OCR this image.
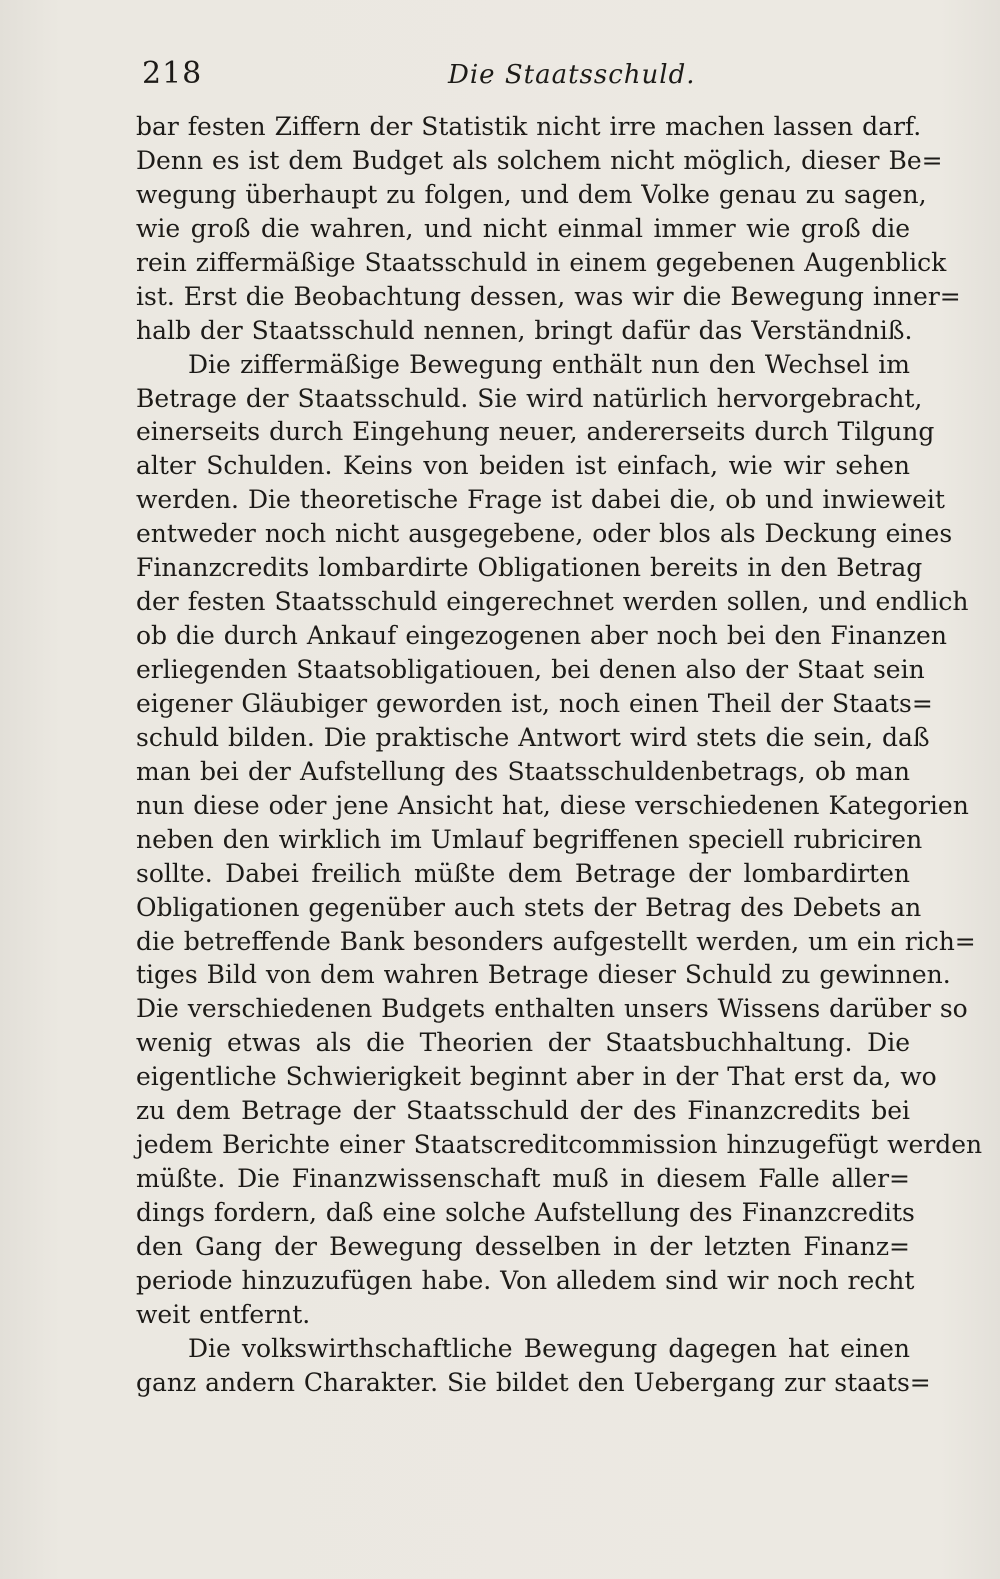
218	Die Staatsschuld.
bar festen Ziffern der Statistik nicht irre machen lassen darf.
Denn es ist dem Budget als solchem nicht möglich, dieser Be=
wegung überhaupt zu folgen, und dem Volke genau zu sagen,
wie groß die wahren, und nicht einmal immer wie groß die
rein ziffermäßige Staatsschuld in einem gegebenen Augenblick
ist. Erst die Beobachtung dessen, was wir die Bewegung inner=
halb der Staatsschuld nennen, bringt dafür das Verständniß.
Die ziffermäßige Bewegung enthält nun den Wechsel im
Betrage der Staatsschuld. Sie wird natürlich hervorgebracht,
einerseits durch Eingehung neuer, andererseits durch Tilgung
alter Schulden. Keins von beiden ist einfach, wie wir sehen
werden. Die theoretische Frage ist dabei die, ob und inwieweit
entweder noch nicht ausgegebene, oder blos als Deckung eines
Finanzcredits lombardirte Obligationen bereits in den Betrag
der festen Staatsschuld eingerechnet werden sollen, und endlich
ob die durch Ankauf eingezogenen aber noch bei den Finanzen
erliegenden Staatsobligatiouen, bei denen also der Staat sein
eigener Gläubiger geworden ist, noch einen Theil der Staats=
schuld bilden. Die praktische Antwort wird stets die sein, daß
man bei der Aufstellung des Staatsschuldenbetrags, ob man
nun diese oder jene Ansicht hat, diese verschiedenen Kategorien
neben den wirklich im Umlauf begriffenen speciell rubriciren
sollte. Dabei freilich müßte dem Betrage der lombardirten
Obligationen gegenüber auch stets der Betrag des Debets an
die betreffende Bank besonders aufgestellt werden, um ein rich=
tiges Bild von dem wahren Betrage dieser Schuld zu gewinnen.
Die verschiedenen Budgets enthalten unsers Wissens darüber so
wenig etwas als die Theorien der Staatsbuchhaltung. Die
eigentliche Schwierigkeit beginnt aber in der That erst da, wo
zu dem Betrage der Staatsschuld der des Finanzcredits bei
jedem Berichte einer Staatscreditcommission hinzugefügt werden
müßte. Die Finanzwissenschaft muß in diesem Falle aller=
dings fordern, daß eine solche Aufstellung des Finanzcredits
den Gang der Bewegung desselben in der letzten Finanz=
periode hinzuzufügen habe. Von alledem sind wir noch recht
weit entfernt.
Die volkswirthschaftliche Bewegung dagegen hat einen
ganz andern Charakter. Sie bildet den Uebergang zur staats=
